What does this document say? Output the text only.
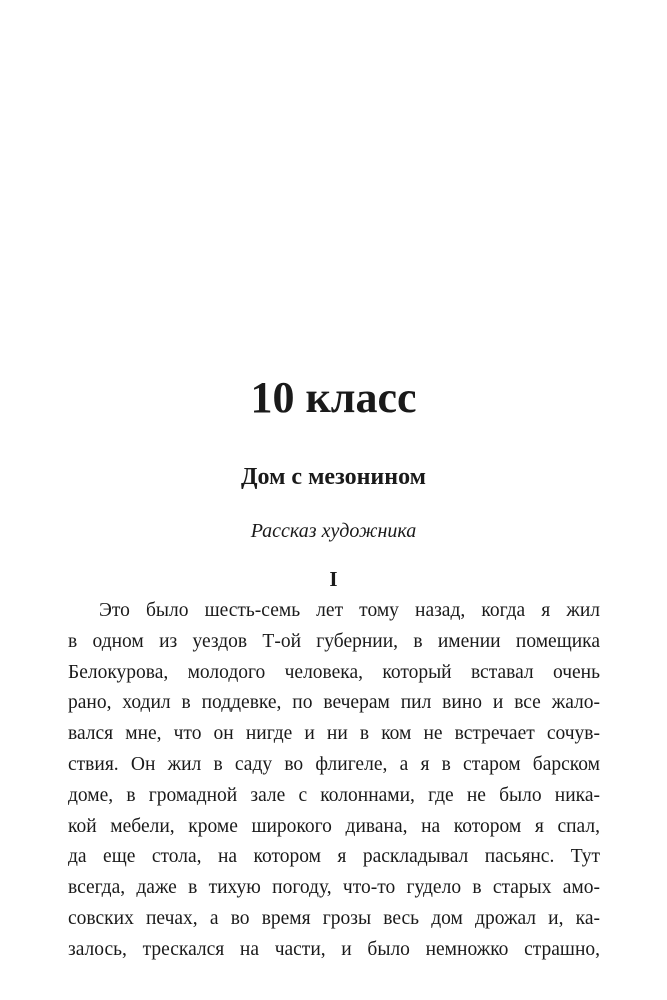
10 класс
Дом с мезонином

Рассказ художника

I

Это было шесть-семь лет тому назад, когда я жил
в одном из уездов Т-ой губернии, в имении помещика
Белокурова, молодого человека, который вставал очень
рано, ходил в поддевке, по вечерам пил вино и все жало-
вался мне, что он нигде и ни в ком не встречает сочув-
ствия. Он жил в саду во флигеле, а я в старом барском
доме, в громадной зале с колоннами, где не было ника-
кой мебели, кроме широкого дивана, на котором я спал,
да еще стола, на котором я раскладывал пасьянс. Тут
всегда, даже в тихую погоду, что-то гудело в старых амо-
совских печах, а во время грозы весь дом дрожал и, ка-
залось, трескался на части, и было немножко страшно,
